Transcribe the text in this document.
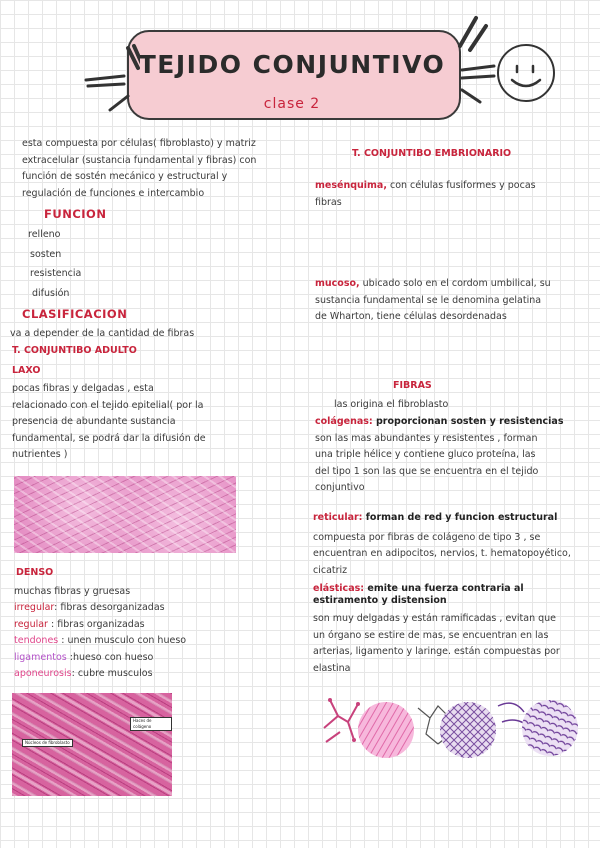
TEJIDO CONJUNTIVO
clase 2
esta compuesta por células( fibroblasto) y matriz
extracelular (sustancia fundamental y fibras) con
función de sostén mecánico y estructural y
regulación de funciones e intercambio
FUNCION
relleno
sosten
resistencia
difusión
CLASIFICACION
va a depender de la cantidad de fibras
T. CONJUNTIBO ADULTO
LAXO
pocas fibras y delgadas , esta
relacionado con el tejido epitelial( por la
presencia de abundante sustancia
fundamental, se podrá dar la difusión de
nutrientes )
DENSO
muchas fibras y gruesas
irregular: fibras desorganizadas
regular : fibras organizadas
tendones : unen musculo con hueso
ligamentos :hueso con hueso
aponeurosis: cubre musculos
Núcleos de fibroblasto
Haces de colágeno
T. CONJUNTIBO EMBRIONARIO
mesénquima, con células fusiformes y pocas
fibras
mucoso, ubicado solo en el cordom umbilical, su
sustancia fundamental se le denomina gelatina
de Wharton, tiene células desordenadas
FIBRAS
las origina el fibroblasto
colágenas: proporcionan sosten y resistencias
son las mas abundantes y resistentes , forman
una triple hélice y contiene gluco proteína, las
del tipo 1 son las que se encuentra en el tejido
conjuntivo
reticular: forman de red y funcion estructural
compuesta por fibras de colágeno de tipo 3 , se
encuentran en adipocitos, nervios, t. hematopoyético,
cicatriz
elásticas: emite una fuerza contraria al
estiramento y distension
son muy delgadas y están ramificadas , evitan que
un órgano se estire de mas, se encuentran en las
arterias, ligamento y laringe. están compuestas por
elastina
